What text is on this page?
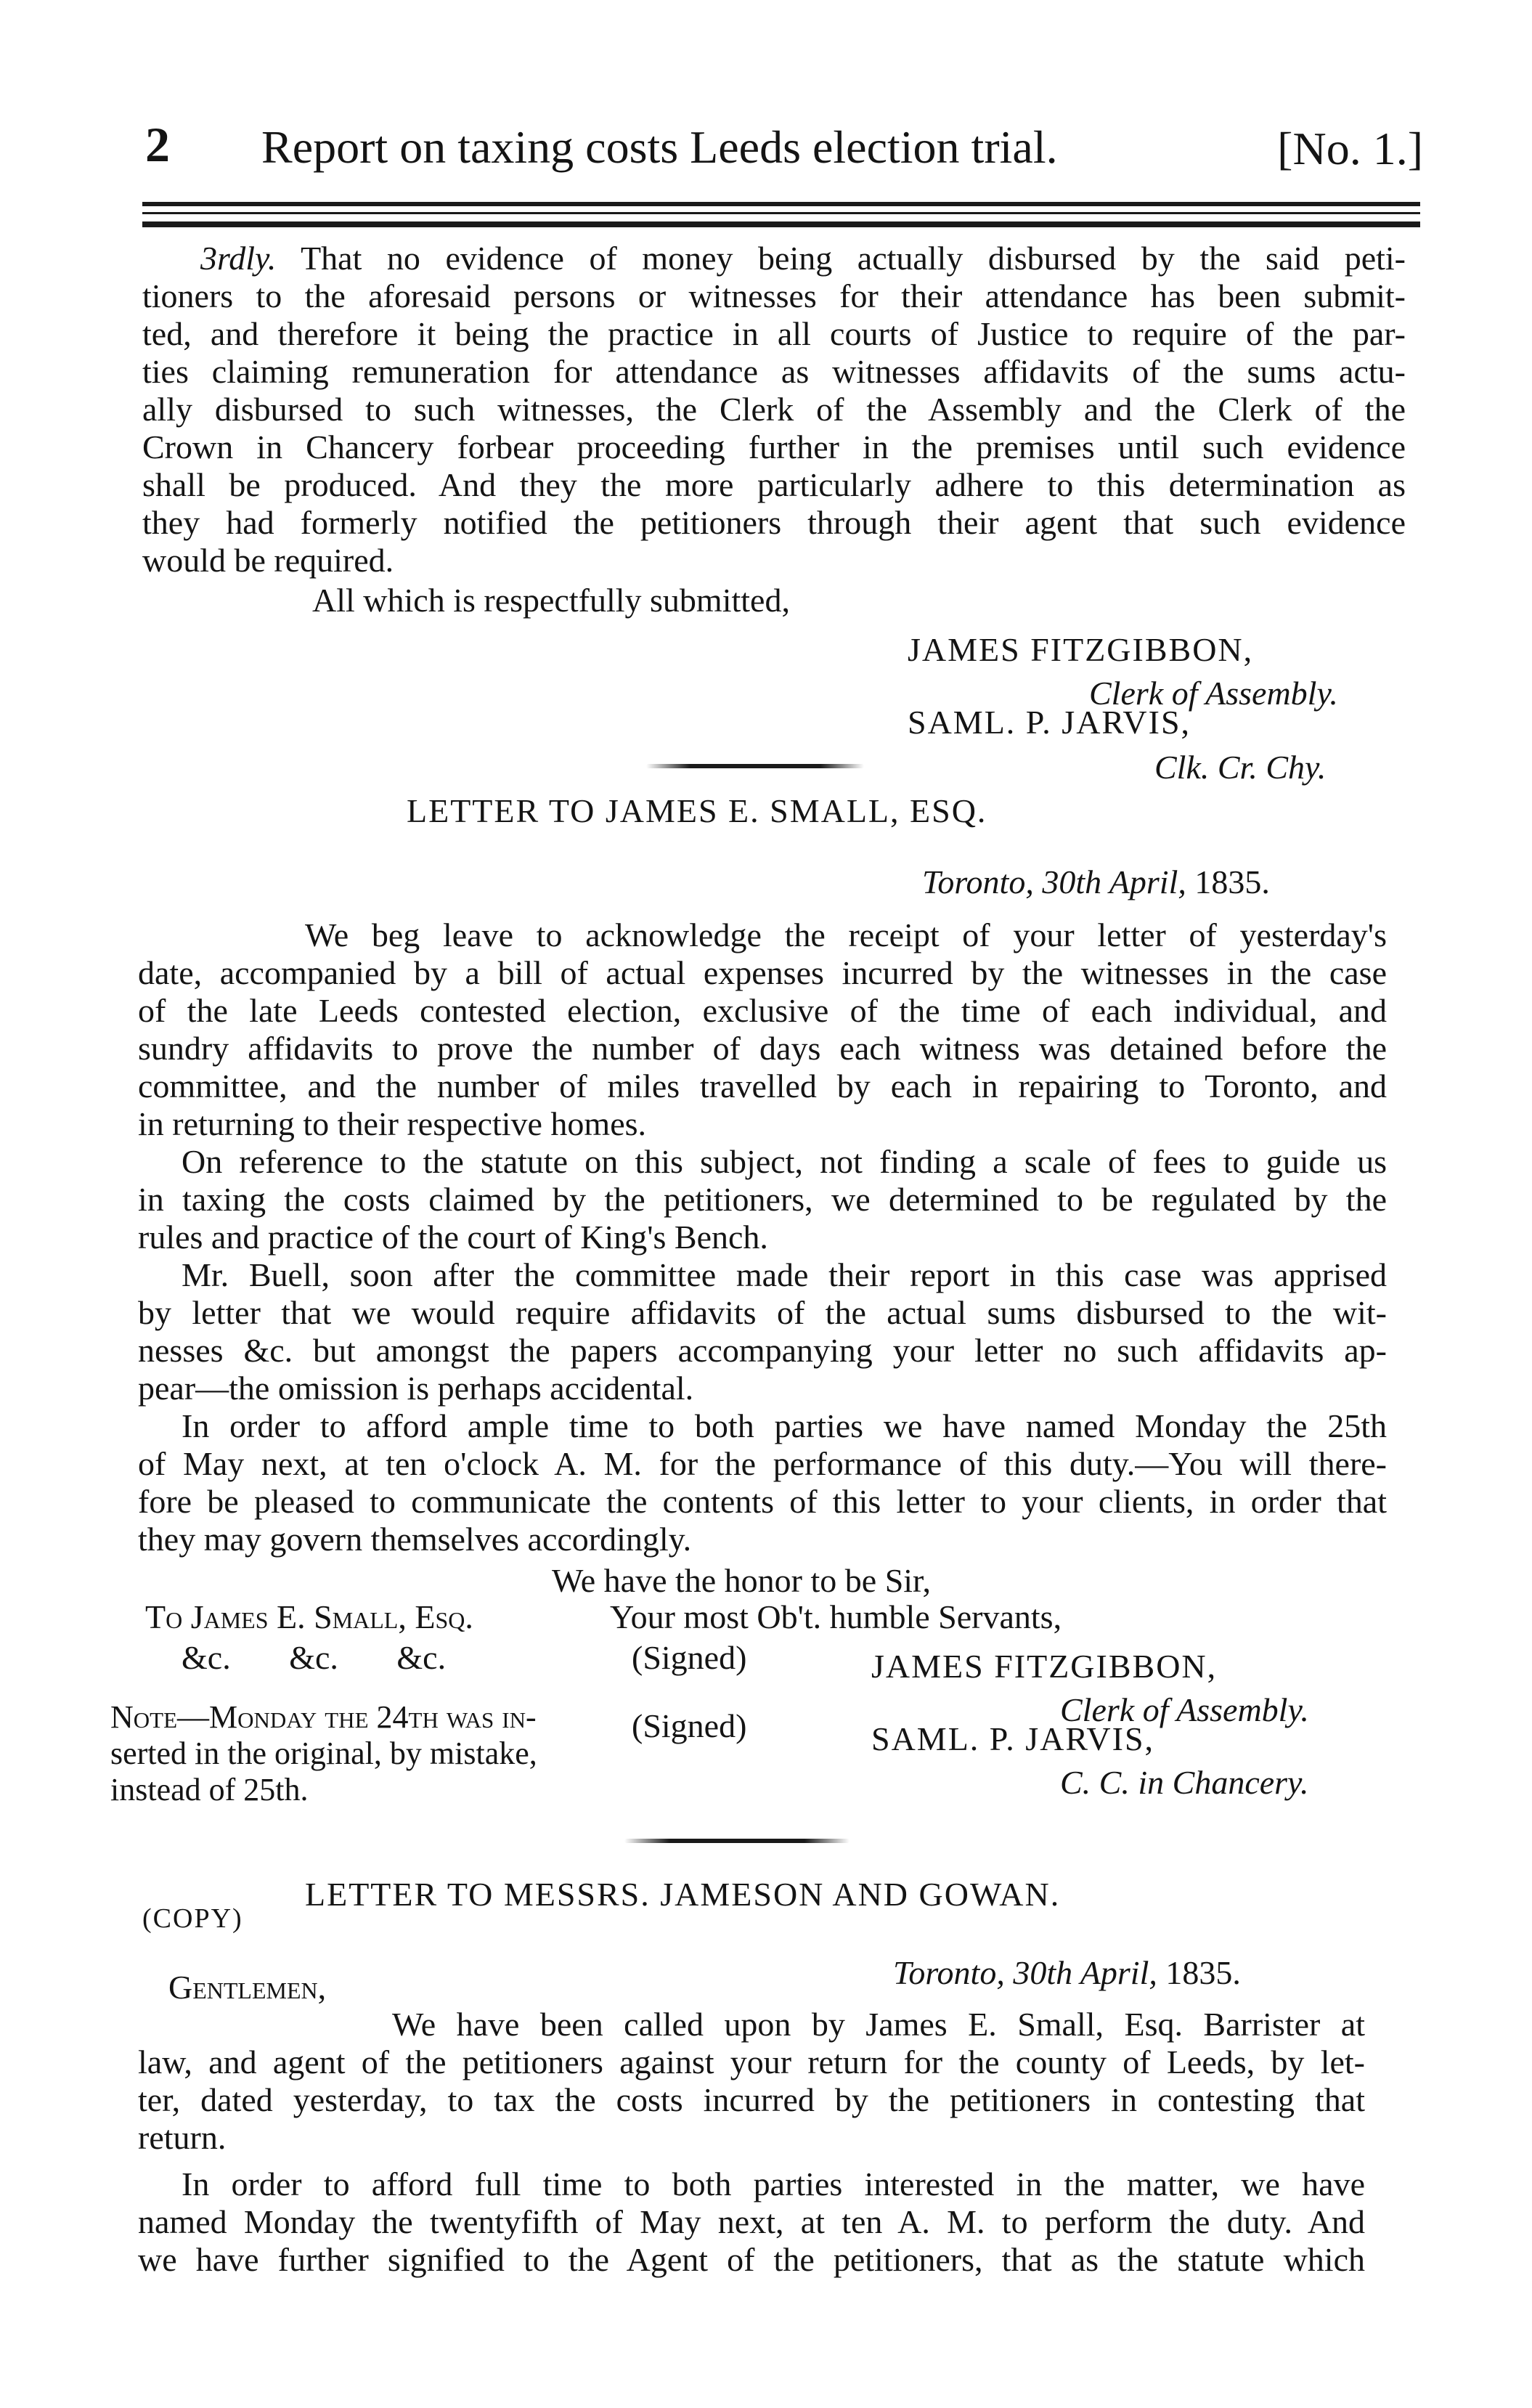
2 Report on taxing costs Leeds election trial.	[No. 1.]
3rdly. That no evidence of money being actually disbursed by the said peti-
tioners to the aforesaid persons or witnesses for their attendance has been submit-
ted, and therefore it being the practice in all courts of Justice to require of the par-
ties claiming remuneration for attendance as witnesses affidavits of the sums actu-
ally disbursed to such witnesses, the Clerk of the Assembly and the Clerk of the
Crown in Chancery forbear proceeding further in the premises until such evidence
shall be produced. And they the more particularly adhere to this determination as
they had formerly notified the petitioners through their agent that such evidence
would be required.
All which is respectfully submitted,
JAMES FITZGIBBON,
Clerk of Assembly.
SAML. P. JARVIS,
Clk. Cr. Chy.
LETTER TO JAMES E. SMALL, ESQ.
Toronto, 30th April, 1835.
We beg leave to acknowledge the receipt of your letter of yesterday's
date, accompanied by a bill of actual expenses incurred by the witnesses in the case
of the late Leeds contested election, exclusive of the time of each individual, and
sundry affidavits to prove the number of days each witness was detained before the
committee, and the number of miles travelled by each in repairing to Toronto, and
in returning to their respective homes.
On reference to the statute on this subject, not finding a scale of fees to guide us
in taxing the costs claimed by the petitioners, we determined to be regulated by the
rules and practice of the court of King's Bench.
Mr. Buell, soon after the committee made their report in this case was apprised
by letter that we would require affidavits of the actual sums disbursed to the wit-
nesses &c. but amongst the papers accompanying your letter no such affidavits ap-
pear—the omission is perhaps accidental.
In order to afford ample time to both parties we have named Monday the 25th
of May next, at ten o'clock A. M. for the performance of this duty.—You will there-
fore be pleased to communicate the contents of this letter to your clients, in order that
they may govern themselves accordingly.
We have the honor to be Sir,
To James E. Small, Esq.	Your most Ob't. humble Servants,
&c.       &c.       &c.	(Signed)	JAMES FITZGIBBON,
Clerk of Assembly.
Note—Monday the 24th was in-
serted in the original, by mistake,
instead of 25th.
(Signed)	SAML. P. JARVIS,
C. C. in Chancery.
(COPY)
LETTER TO MESSRS. JAMESON AND GOWAN.
Gentlemen,	Toronto, 30th April, 1835.
We have been called upon by James E. Small, Esq. Barrister at
law, and agent of the petitioners against your return for the county of Leeds, by let-
ter, dated yesterday, to tax the costs incurred by the petitioners in contesting that
return.
In order to afford full time to both parties interested in the matter, we have
named Monday the twentyfifth of May next, at ten A. M. to perform the duty. And
we have further signified to the Agent of the petitioners, that as the statute which
